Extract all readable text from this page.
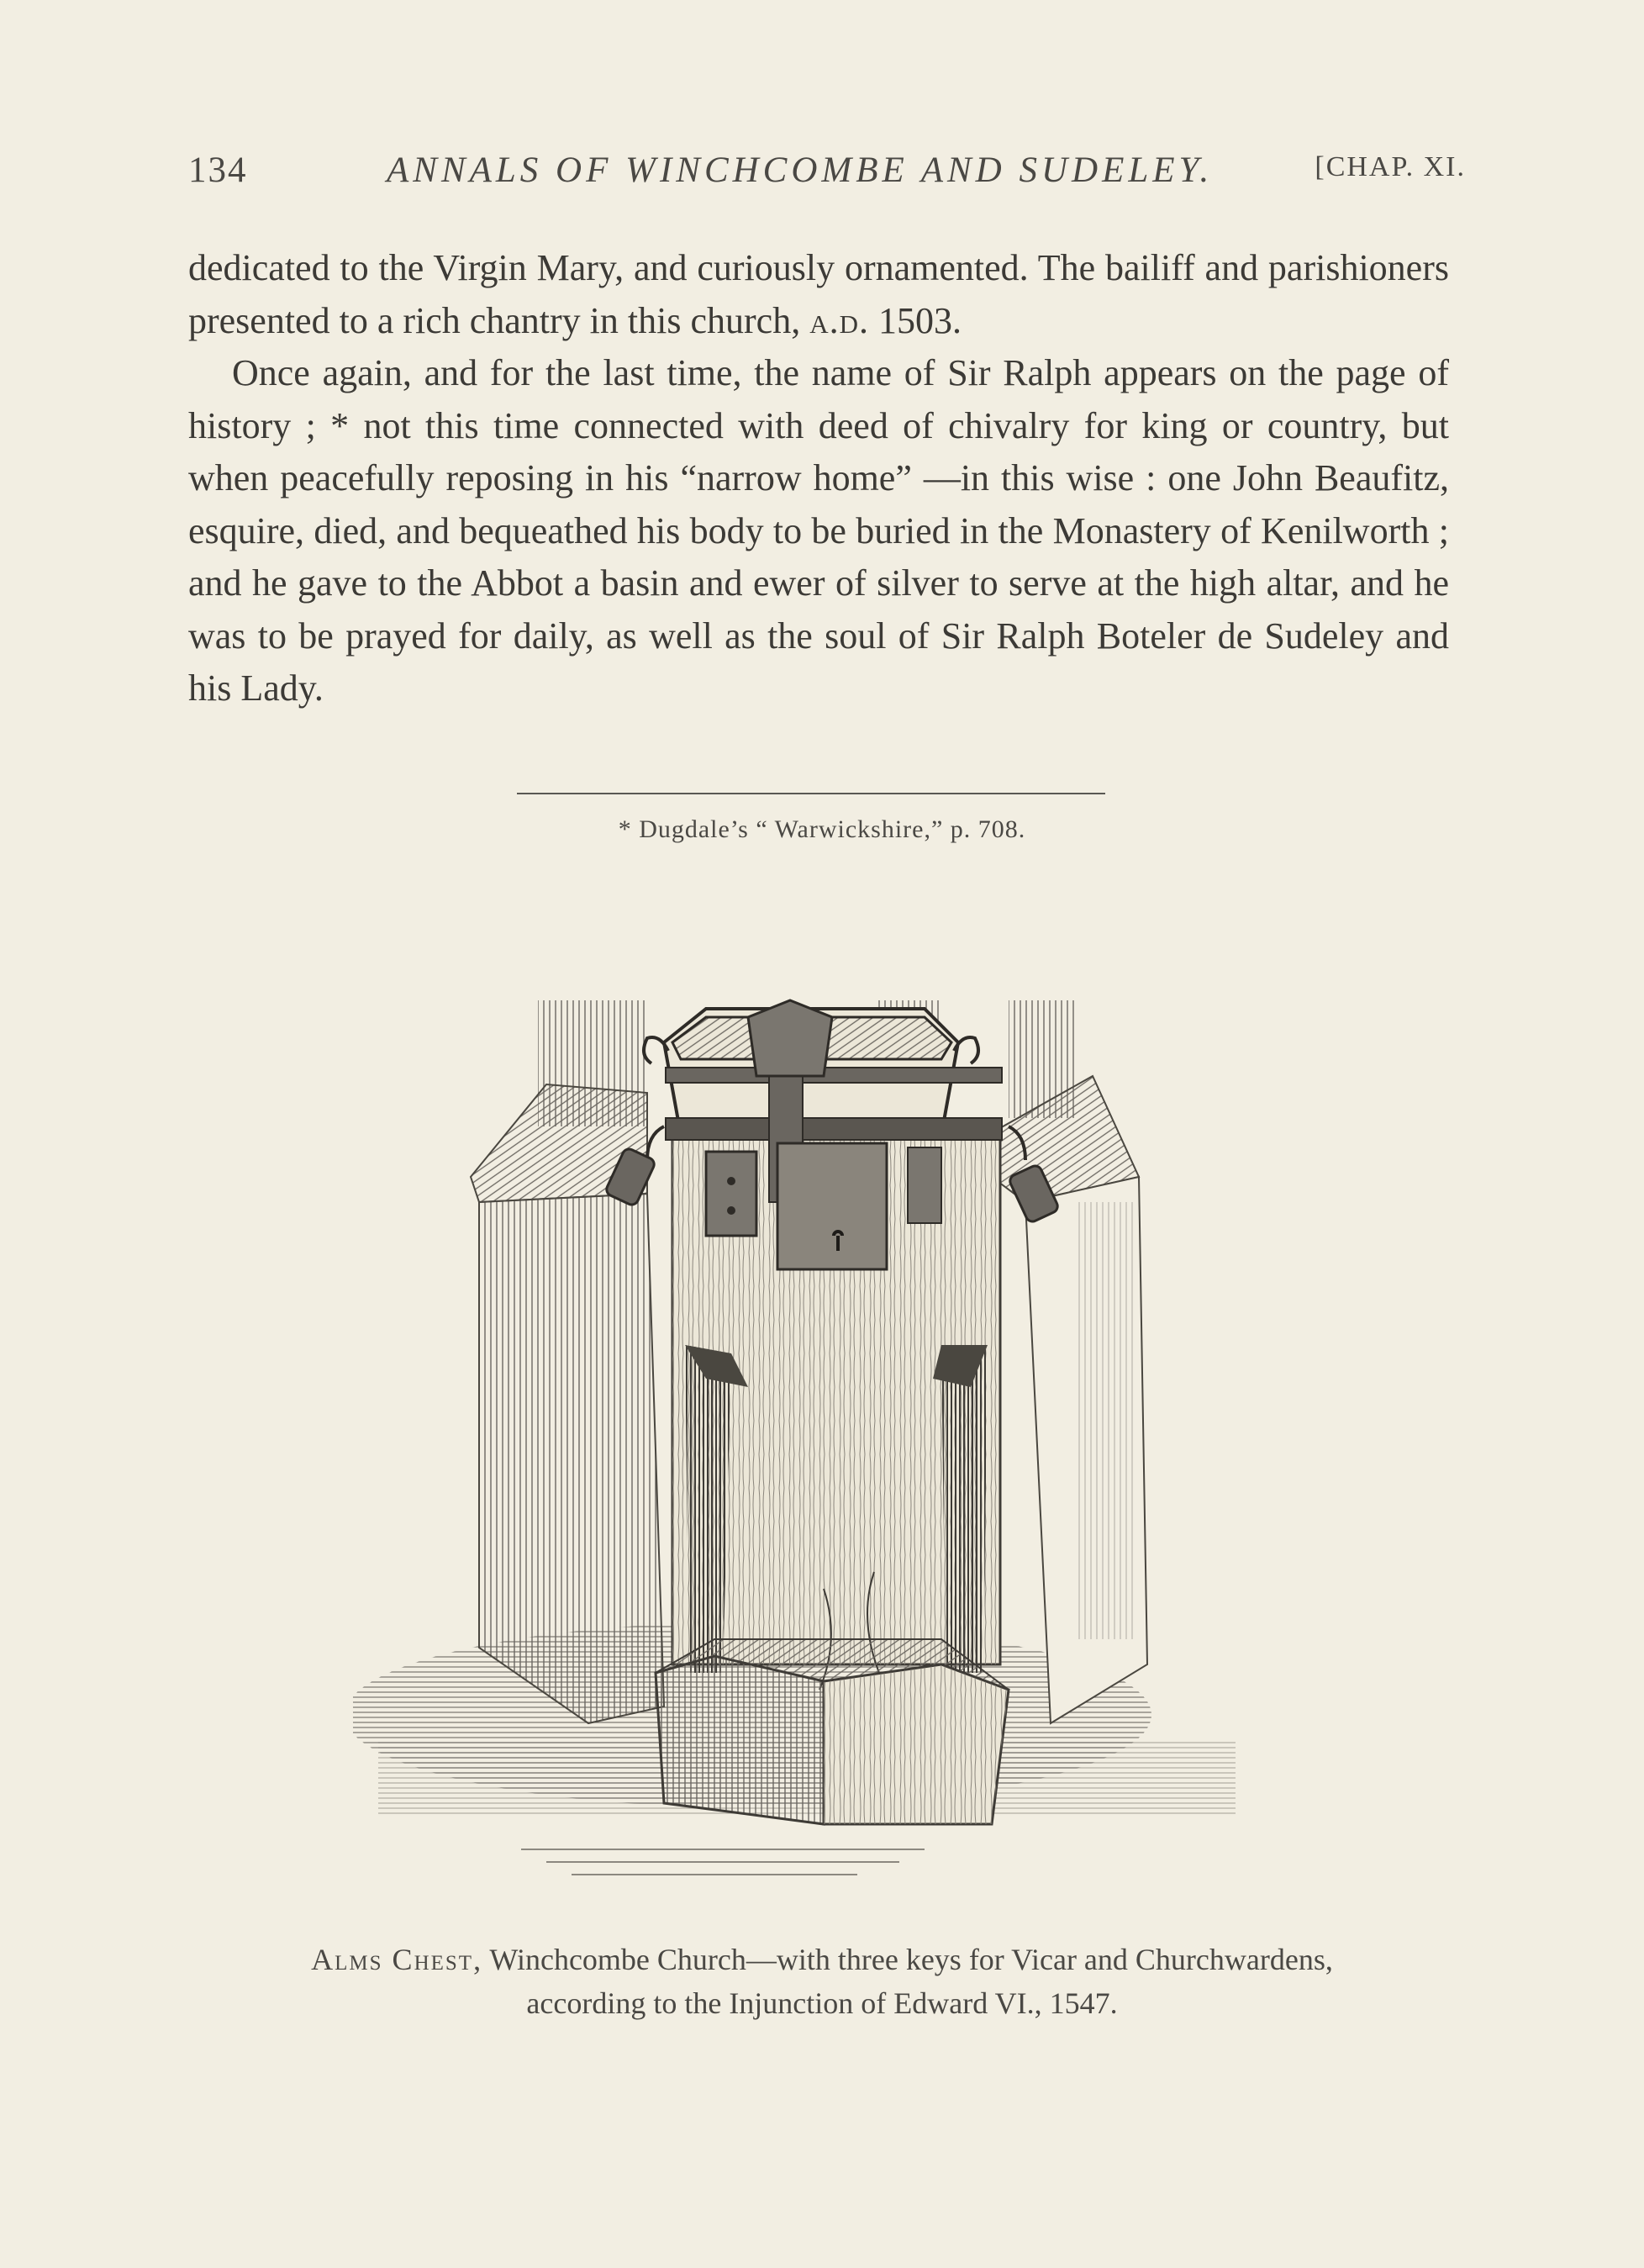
134	ANNALS OF WINCHCOMBE AND SUDELEY.	[CHAP. XI.

dedicated to the Virgin Mary, and curiously ornamented. The bailiff and parishioners presented to a rich chantry in this church, a.d. 1503.

Once again, and for the last time, the name of Sir Ralph appears on the page of history ; * not this time connected with deed of chivalry for king or country, but when peacefully reposing in his “narrow home” —in this wise : one John Beaufitz, esquire, died, and bequeathed his body to be buried in the Monastery of Kenilworth ; and he gave to the Abbot a basin and ewer of silver to serve at the high altar, and he was to be prayed for daily, as well as the soul of Sir Ralph Boteler de Sudeley and his Lady.

* Dugdale’s “ Warwickshire,” p. 708.
Alms Chest, Winchcombe Church—with three keys for Vicar and Churchwardens,
according to the Injunction of Edward VI., 1547.
